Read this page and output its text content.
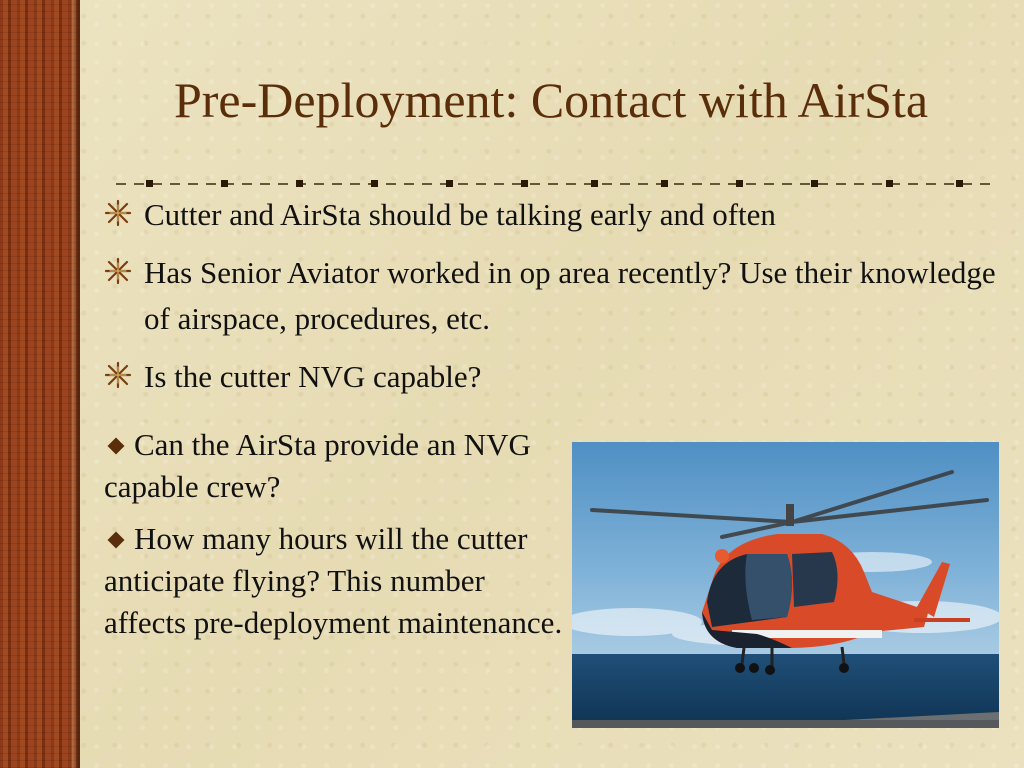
Pre-Deployment: Contact with AirSta
Cutter and AirSta should be talking early and often
Has Senior Aviator worked in op area recently? Use their knowledge of airspace, procedures, etc.
Is the cutter NVG capable?
Can the AirSta provide an NVG capable crew?
How many hours will the cutter anticipate flying? This number affects pre-deployment maintenance.
